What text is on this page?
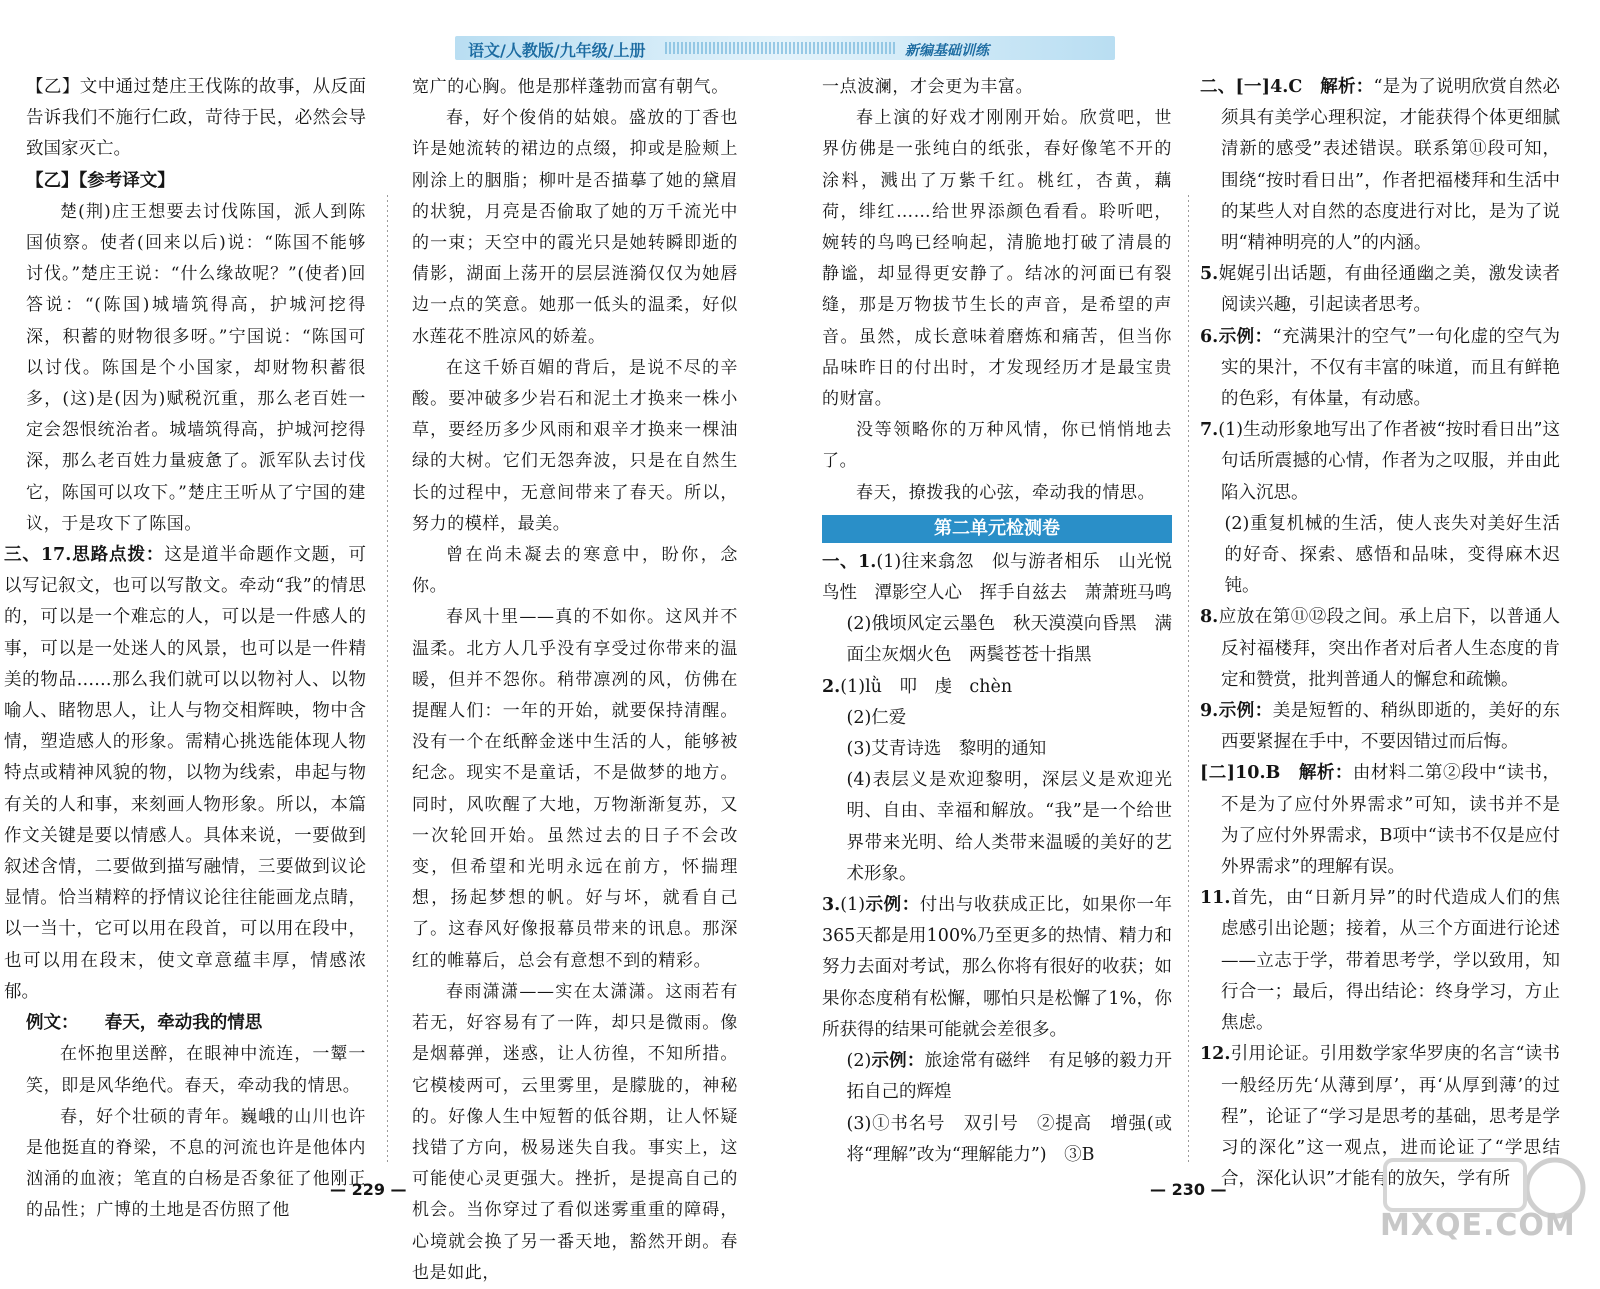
语文/人教版/九年级/上册	新编基础训练

【乙】文中通过楚庄王伐陈的故事，从反面告诉我们不施行仁政，苛待于民，必然会导致国家灭亡。

【乙】【参考译文】

楚(荆)庄王想要去讨伐陈国，派人到陈国侦察。使者(回来以后)说：“陈国不能够讨伐。”楚庄王说：“什么缘故呢？”(使者)回答说：“(陈国)城墙筑得高，护城河挖得深，积蓄的财物很多呀。”宁国说：“陈国可以讨伐。陈国是个小国家，却财物积蓄很多，(这)是(因为)赋税沉重，那么老百姓一定会怨恨统治者。城墙筑得高，护城河挖得深，那么老百姓力量疲惫了。派军队去讨伐它，陈国可以攻下。”楚庄王听从了宁国的建议，于是攻下了陈国。

三、17.思路点拨：这是道半命题作文题，可以写记叙文，也可以写散文。牵动“我”的情思的，可以是一个难忘的人，可以是一件感人的事，可以是一处迷人的风景，也可以是一件精美的物品……那么我们就可以以物衬人、以物喻人、睹物思人，让人与物交相辉映，物中含情，塑造感人的形象。需精心挑选能体现人物特点或精神风貌的物，以物为线索，串起与物有关的人和事，来刻画人物形象。所以，本篇作文关键是要以情感人。具体来说，一要做到叙述含情，二要做到描写融情，三要做到议论显情。恰当精粹的抒情议论往往能画龙点睛，以一当十，它可以用在段首，可以用在段中，也可以用在段末，使文章意蕴丰厚，情感浓郁。

例文：　　 春天，牵动我的情思

在怀抱里送醉，在眼神中流连，一颦一笑，即是风华绝代。春天，牵动我的情思。

春，好个壮硕的青年。巍峨的山川也许是他挺直的脊梁，不息的河流也许是他体内汹涌的血液；笔直的白杨是否象征了他刚正的品性；广博的土地是否仿照了他

宽广的心胸。他是那样蓬勃而富有朝气。

春，好个俊俏的姑娘。盛放的丁香也许是她流转的裙边的点缀，抑或是脸颊上刚涂上的胭脂；柳叶是否描摹了她的黛眉的状貌，月亮是否偷取了她的万千流光中的一束；天空中的霞光只是她转瞬即逝的倩影，湖面上荡开的层层涟漪仅仅为她唇边一点的笑意。她那一低头的温柔，好似水莲花不胜凉风的娇羞。

在这千娇百媚的背后，是说不尽的辛酸。要冲破多少岩石和泥土才换来一株小草，要经历多少风雨和艰辛才换来一棵油绿的大树。它们无怨奔波，只是在自然生长的过程中，无意间带来了春天。所以，努力的模样，最美。

曾在尚未凝去的寒意中，盼你，念你。

春风十里——真的不如你。这风并不温柔。北方人几乎没有享受过你带来的温暖，但并不怨你。稍带凛冽的风，仿佛在提醒人们：一年的开始，就要保持清醒。没有一个在纸醉金迷中生活的人，能够被纪念。现实不是童话，不是做梦的地方。同时，风吹醒了大地，万物渐渐复苏，又一次轮回开始。虽然过去的日子不会改变，但希望和光明永远在前方，怀揣理想，扬起梦想的帆。好与坏，就看自己了。这春风好像报幕员带来的讯息。那深红的帷幕后，总会有意想不到的精彩。

春雨潇潇——实在太潇潇。这雨若有若无，好容易有了一阵，却只是微雨。像是烟幕弹，迷惑，让人彷徨，不知所措。它模棱两可，云里雾里，是朦胧的，神秘的。好像人生中短暂的低谷期，让人怀疑找错了方向，极易迷失自我。事实上，这可能使心灵更强大。挫折，是提高自己的机会。当你穿过了看似迷雾重重的障碍，心境就会换了另一番天地，豁然开朗。春也是如此，

一点波澜，才会更为丰富。

春上演的好戏才刚刚开始。欣赏吧，世界仿佛是一张纯白的纸张，春好像笔不开的涂料，溅出了万紫千红。桃红，杏黄，藕荷，绯红……给世界添颜色看看。聆听吧，婉转的鸟鸣已经响起，清脆地打破了清晨的静谧，却显得更安静了。结冰的河面已有裂缝，那是万物拔节生长的声音，是希望的声音。虽然，成长意味着磨炼和痛苦，但当你品味昨日的付出时，才发现经历才是最宝贵的财富。

没等领略你的万种风情，你已悄悄地去了。

春天，撩拨我的心弦，牵动我的情思。

第二单元检测卷

一、1.(1)往来翕忽　似与游者相乐　山光悦鸟性　潭影空人心　挥手自兹去　萧萧班马鸣

(2)俄顷风定云墨色　秋天漠漠向昏黑　满面尘灰烟火色　两鬓苍苍十指黑

2.(1)lǜ　叩　虔　chèn

(2)仁爱

(3)艾青诗选　黎明的通知

(4)表层义是欢迎黎明，深层义是欢迎光明、自由、幸福和解放。“我”是一个给世界带来光明、给人类带来温暖的美好的艺术形象。

3.(1)示例：付出与收获成正比，如果你一年365天都是用100%乃至更多的热情、精力和努力去面对考试，那么你将有很好的收获；如果你态度稍有松懈，哪怕只是松懈了1%，你所获得的结果可能就会差很多。

(2)示例：旅途常有磁绊　有足够的毅力开拓自己的辉煌

(3)①书名号　双引号　②提高　增强(或将“理解”改为“理解能力”)　③B

二、[一]4.C　 解析：“是为了说明欣赏自然必须具有美学心理积淀，才能获得个体更细腻清新的感受”表述错误。联系第⑪段可知，围绕“按时看日出”，作者把福楼拜和生活中的某些人对自然的态度进行对比，是为了说明“精神明亮的人”的内涵。

5.娓娓引出话题，有曲径通幽之美，激发读者阅读兴趣，引起读者思考。

6.示例：“充满果汁的空气”一句化虚的空气为实的果汁，不仅有丰富的味道，而且有鲜艳的色彩，有体量，有动感。

7.(1)生动形象地写出了作者被“按时看日出”这句话所震撼的心情，作者为之叹服，并由此陷入沉思。

(2)重复机械的生活，使人丧失对美好生活的好奇、探索、感悟和品味，变得麻木迟钝。

8.应放在第⑪⑫段之间。承上启下，以普通人反衬福楼拜，突出作者对后者人生态度的肯定和赞赏，批判普通人的懈怠和疏懒。

9.示例：美是短暂的、稍纵即逝的，美好的东西要紧握在手中，不要因错过而后悔。

[二]10.B　 解析：由材料二第②段中“读书，不是为了应付外界需求”可知，读书并不是为了应付外界需求，B项中“读书不仅是应付外界需求”的理解有误。

11.首先，由“日新月异”的时代造成人们的焦虑感引出论题；接着，从三个方面进行论述——立志于学，带着思考学，学以致用，知行合一；最后，得出结论：终身学习，方止焦虑。

12.引用论证。引用数学家华罗庚的名言“读书一般经历先‘从薄到厚’，再‘从厚到薄’的过程”，论证了“学习是思考的基础，思考是学习的深化”这一观点，进而论证了“学思结合，深化认识”才能有的放矢，学有所

— 229 —	— 230 —
MXQE.COM
